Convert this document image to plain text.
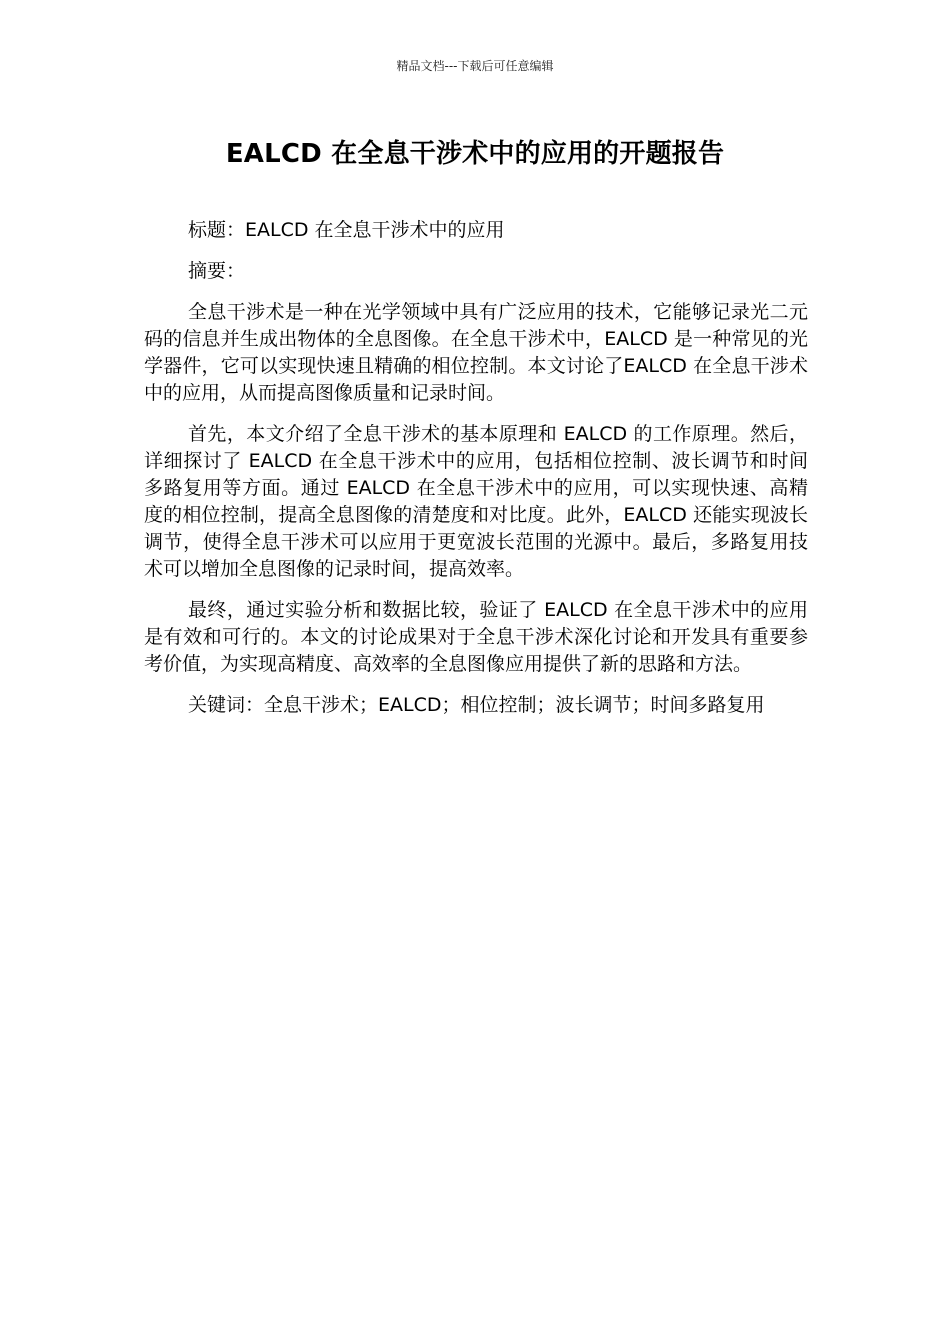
精品文档---下载后可任意编辑
EALCD 在全息干涉术中的应用的开题报告

标题：EALCD 在全息干涉术中的应用

摘要：

全息干涉术是一种在光学领域中具有广泛应用的技术，它能够记录光二元码的信息并生成出物体的全息图像。在全息干涉术中，EALCD 是一种常见的光学器件，它可以实现快速且精确的相位控制。本文讨论了EALCD 在全息干涉术中的应用，从而提高图像质量和记录时间。

首先，本文介绍了全息干涉术的基本原理和 EALCD 的工作原理。然后，详细探讨了 EALCD 在全息干涉术中的应用，包括相位控制、波长调节和时间多路复用等方面。通过 EALCD 在全息干涉术中的应用，可以实现快速、高精度的相位控制，提高全息图像的清楚度和对比度。此外，EALCD 还能实现波长调节，使得全息干涉术可以应用于更宽波长范围的光源中。最后，多路复用技术可以增加全息图像的记录时间，提高效率。

最终，通过实验分析和数据比较，验证了 EALCD 在全息干涉术中的应用是有效和可行的。本文的讨论成果对于全息干涉术深化讨论和开发具有重要参考价值，为实现高精度、高效率的全息图像应用提供了新的思路和方法。

关键词：全息干涉术；EALCD；相位控制；波长调节；时间多路复用
